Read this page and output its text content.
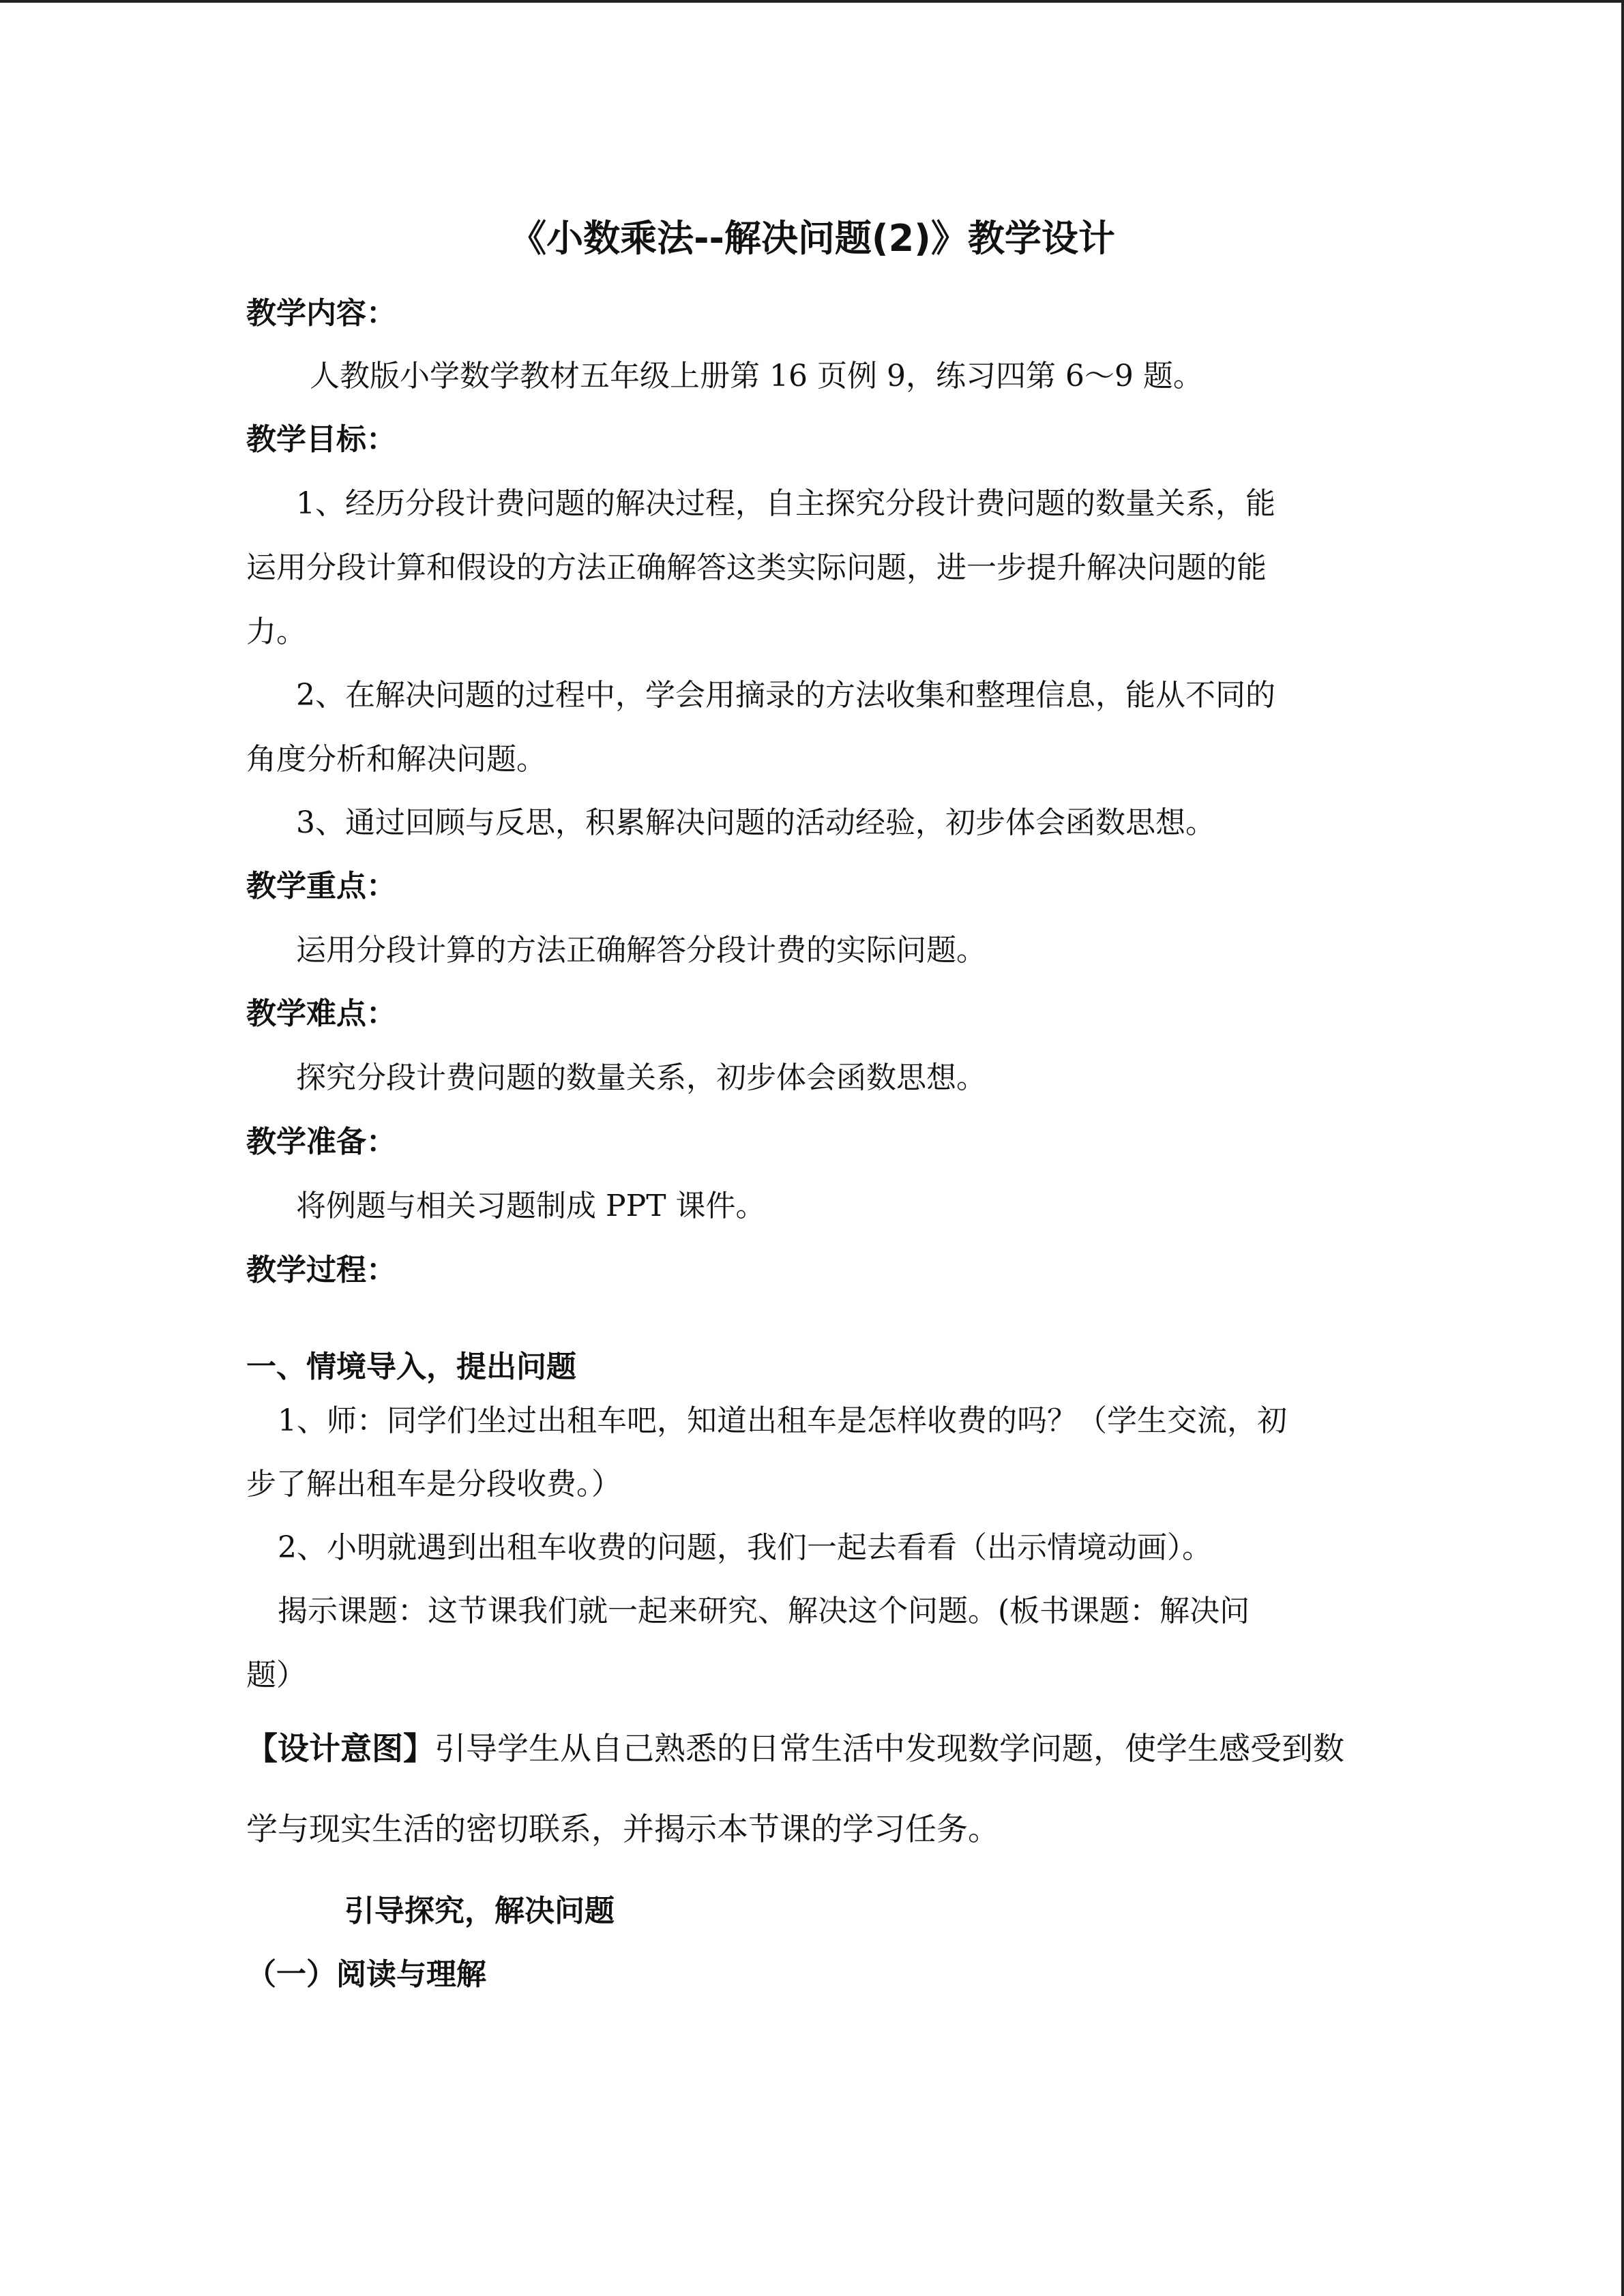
《小数乘法--解决问题(2)》教学设计
教学内容：
人教版小学数学教材五年级上册第 16 页例 9，练习四第 6～9 题。
教学目标：
1、经历分段计费问题的解决过程，自主探究分段计费问题的数量关系，能
运用分段计算和假设的方法正确解答这类实际问题，进一步提升解决问题的能
力。
2、在解决问题的过程中，学会用摘录的方法收集和整理信息，能从不同的
角度分析和解决问题。
3、通过回顾与反思，积累解决问题的活动经验，初步体会函数思想。
教学重点：
运用分段计算的方法正确解答分段计费的实际问题。
教学难点：
探究分段计费问题的数量关系，初步体会函数思想。
教学准备：
将例题与相关习题制成 PPT 课件。
教学过程：
一、情境导入，提出问题
1、师：同学们坐过出租车吧，知道出租车是怎样收费的吗？（学生交流，初
步了解出租车是分段收费。）
2、小明就遇到出租车收费的问题，我们一起去看看（出示情境动画）。
揭示课题：这节课我们就一起来研究、解决这个问题。(板书课题：解决问
题）
【设计意图】引导学生从自己熟悉的日常生活中发现数学问题，使学生感受到数
学与现实生活的密切联系，并揭示本节课的学习任务。
引导探究，解决问题
（一）阅读与理解
